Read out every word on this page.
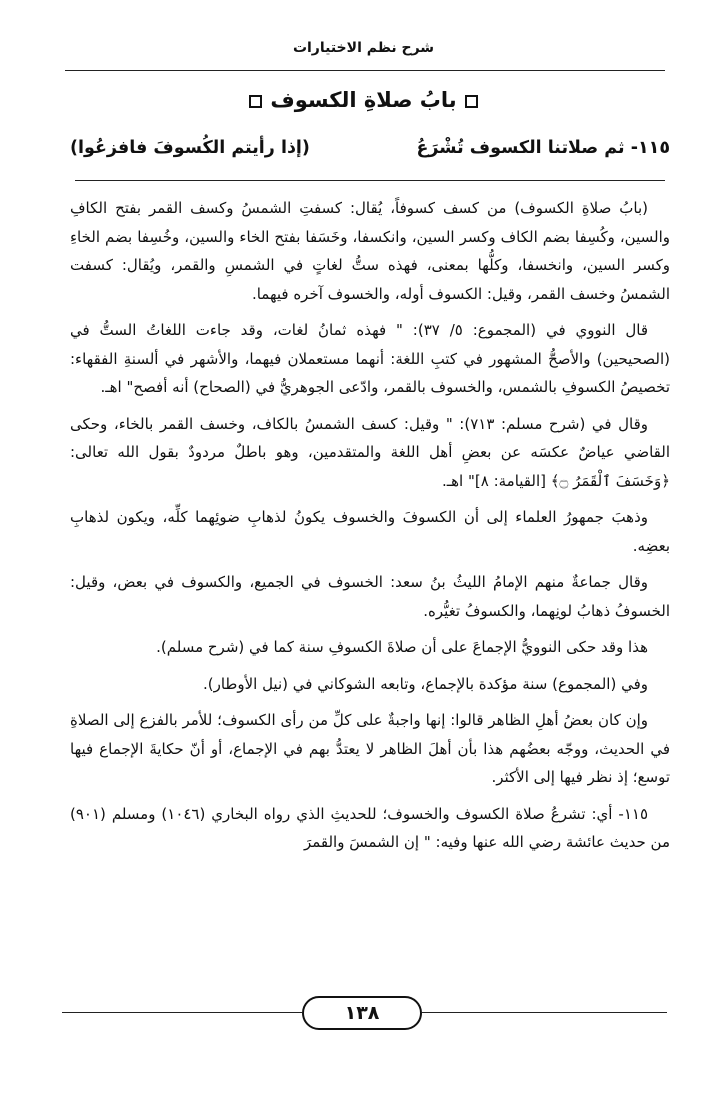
شرح نظم الاختيارات
بابُ صلاةِ الكسوف
١١٥- ثم صلاتنا الكسوف تُشْرَعُ
(إذا رأيتم الكُسوفَ فافزعُوا)

(بابُ صلاةِ الكسوف) من كسف كسوفاً، يُقال: كسفتِ الشمسُ وكسف القمر بفتح الكافِ والسين، وكُسِفا بضم الكاف وكسر السين، وانكسفا، وخَسَفا بفتح الخاء والسين، وخُسِفا بضم الخاءِ وكسر السين، وانخسفا، وكلُّها بمعنى، فهذه ستُّ لغاتٍ في الشمسِ والقمر، ويُقال: كسفت الشمسُ وخسف القمر، وقيل: الكسوف أوله، والخسوف آخره فيهما.

قال النووي في (المجموع: ٥/ ٣٧): " فهذه ثمانُ لغات، وقد جاءت اللغاتُ الستُّ في (الصحيحين) والأصحُّ المشهور في كتبِ اللغة: أنهما مستعملان فيهما، والأشهر في ألسنةِ الفقهاء: تخصيصُ الكسوفِ بالشمس، والخسوف بالقمر، وادّعى الجوهريُّ في (الصحاح) أنه أفصح" اهـ.

وقال في (شرح مسلم: ٧١٣): " وقيل: كسف الشمسُ بالكاف، وخسف القمر بالخاء، وحكى القاضي عياضٌ عكسَه عن بعضِ أهل اللغة والمتقدمين، وهو باطلٌ مردودٌ بقول الله تعالى: ﴿وَخَسَفَ ٱلْقَمَرُ ۝﴾ [القيامة: ٨]" اهـ.

وذهبَ جمهورُ العلماء إلى أن الكسوفَ والخسوف يكونُ لذهابِ ضوئِهما كلِّه، ويكون لذهابِ بعضِه.

وقال جماعةٌ منهم الإمامُ الليثُ بنُ سعد: الخسوف في الجميع، والكسوف في بعض، وقيل: الخسوفُ ذهابُ لونِهما، والكسوفُ تغيُّره.

هذا وقد حكى النوويُّ الإجماعَ على أن صلاةَ الكسوفِ سنة كما في (شرح مسلم).

وفي (المجموع) سنة مؤكدة بالإجماع، وتابعه الشوكاني في (نيل الأوطار).

وإن كان بعضُ أهلِ الظاهر قالوا: إنها واجبةٌ على كلِّ من رأى الكسوف؛ للأمر بالفزع إلى الصلاةِ في الحديث، ووجّه بعضُهم هذا بأن أهلَ الظاهر لا يعتدُّ بهم في الإجماع، أو أنّ حكايةَ الإجماع فيها توسع؛ إذ نظر فيها إلى الأكثر.

١١٥- أي: تشرعُ صلاة الكسوف والخسوف؛ للحديثِ الذي رواه البخاري (١٠٤٦) ومسلم (٩٠١) من حديث عائشة رضي الله عنها وفيه: " إن الشمسَ والقمرَ

١٣٨
